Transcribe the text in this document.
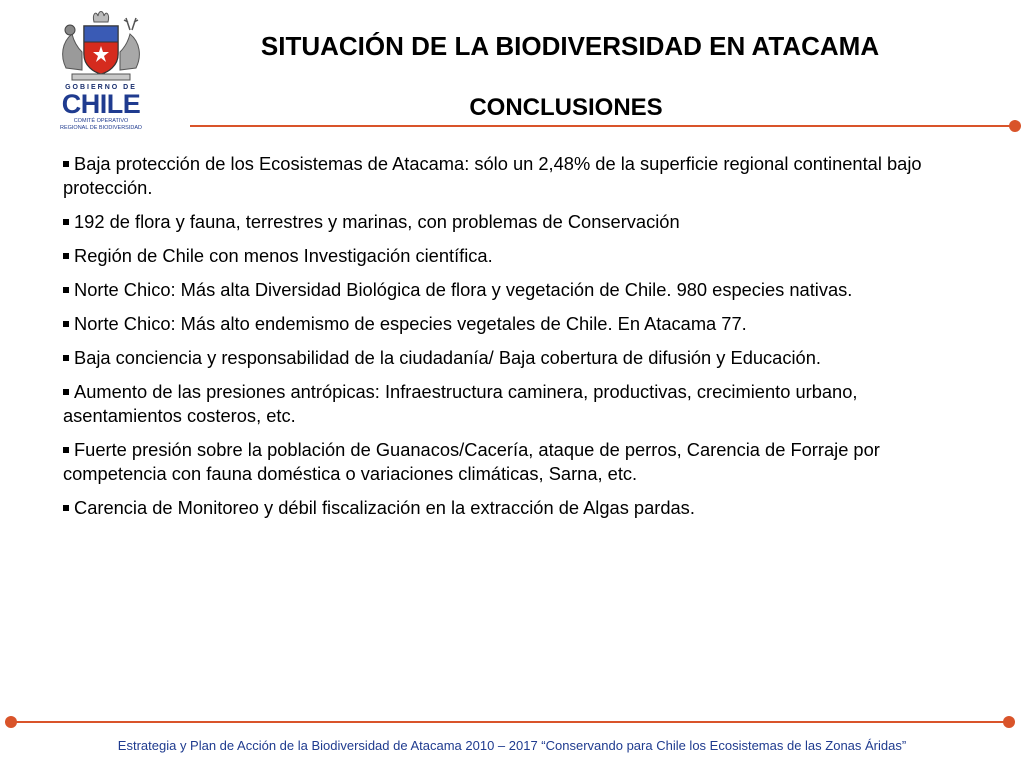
GOBIERNO DE
CHILE
COMITÉ OPERATIVO
REGIONAL DE BIODIVERSIDAD
SITUACIÓN DE LA BIODIVERSIDAD EN ATACAMA
CONCLUSIONES

Baja protección de los Ecosistemas de Atacama: sólo un 2,48% de la superficie regional continental bajo protección.

192 de flora y fauna, terrestres y marinas, con problemas de Conservación

Región de Chile con menos Investigación científica.

Norte Chico: Más alta Diversidad Biológica de flora y vegetación de Chile. 980 especies nativas.

Norte Chico: Más alto endemismo de especies vegetales de Chile. En Atacama 77.

Baja conciencia y responsabilidad de la ciudadanía/ Baja cobertura de difusión y Educación.

Aumento de las presiones antrópicas: Infraestructura caminera, productivas, crecimiento urbano, asentamientos costeros, etc.

Fuerte presión sobre la población de Guanacos/Cacería, ataque de perros, Carencia de Forraje por competencia con fauna doméstica o variaciones climáticas, Sarna, etc.

Carencia de Monitoreo y débil fiscalización en la extracción de Algas pardas.

Estrategia y Plan de Acción de la Biodiversidad de Atacama 2010 – 2017 “Conservando para Chile los Ecosistemas de las Zonas Áridas”
